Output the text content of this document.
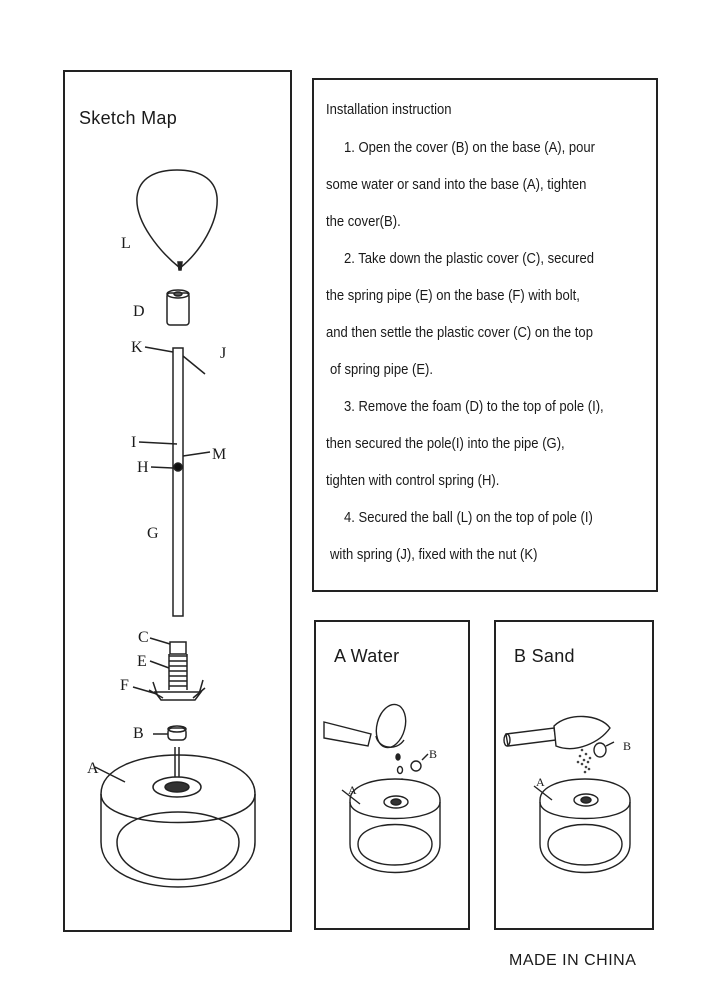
Sketch Map
L
D
K	J
I
M
H
G
C
E
F
B
A
Installation instruction
1. Open the cover (B) on the base (A), pour
some water or sand into the base (A), tighten
the cover(B).
2. Take down the plastic cover (C), secured
the spring pipe (E) on the base (F) with bolt,
and then settle the plastic cover (C) on the top
of spring pipe (E).
3. Remove the foam (D) to the top of pole (I),
then secured the pole(I) into the pipe (G),
tighten with control spring (H).
4. Secured the ball (L) on the top of pole (I)
with spring (J), fixed with the nut (K)
A Water
B
A
B Sand
B
A
MADE IN CHINA
